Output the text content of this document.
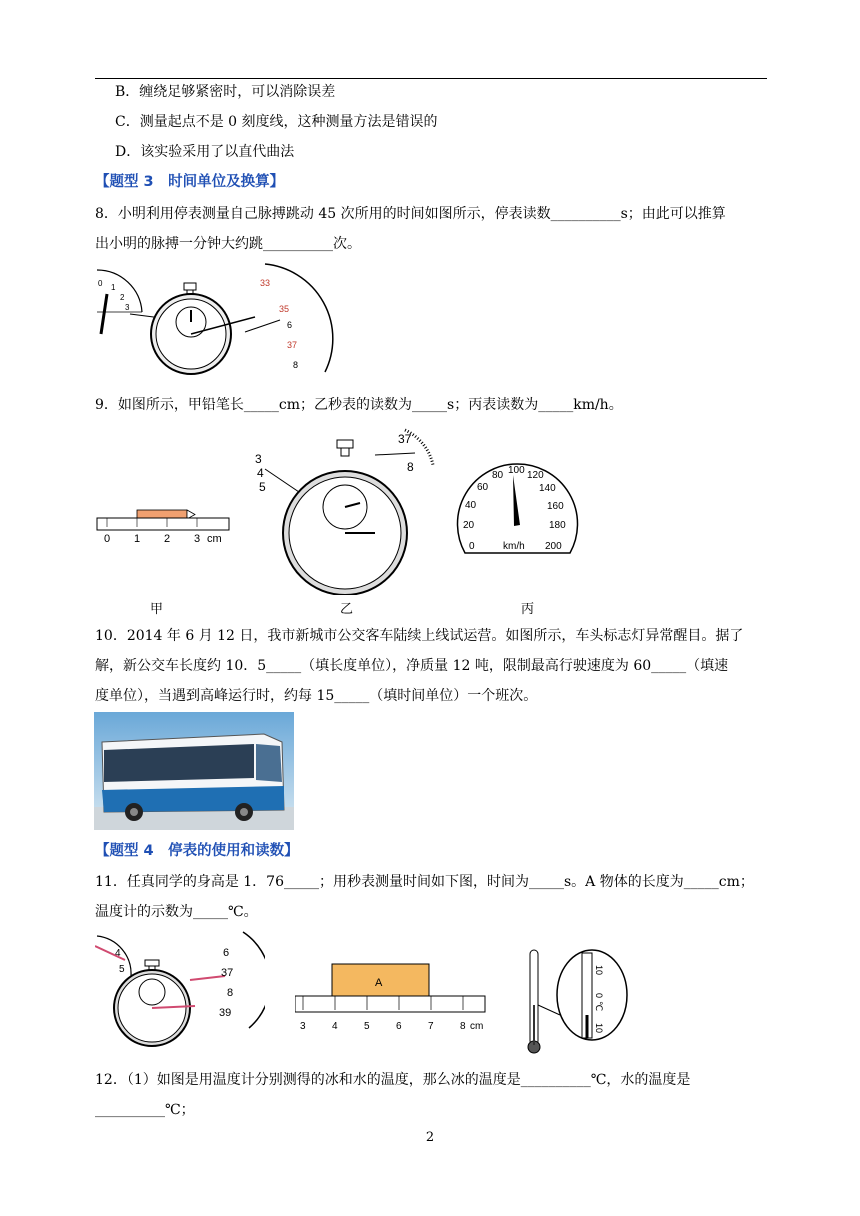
B．缠绕足够紧密时，可以消除误差
C．测量起点不是 0 刻度线，这种测量方法是错误的
D．该实验采用了以直代曲法
【题型 3　时间单位及换算】
8．小明利用停表测量自己脉搏跳动 45 次所用的时间如图所示，停表读数__________s；由此可以推算
出小明的脉搏一分钟大约跳__________次。
0 1
2
3
33
35
6
37
8
9．如图所示，甲铅笔长_____cm；乙秒表的读数为_____s；丙表读数为_____km/h。
0 1 2 3 cm
3
4
5
37
8
0
20
40
60
80 100 120
140
160
180
200
km/h
甲	乙	丙
10．2014 年 6 月 12 日，我市新城市公交客车陆续上线试运营。如图所示，车头标志灯异常醒目。据了
解，新公交车长度约 10．5_____（填长度单位），净质量 12 吨，限制最高行驶速度为 60_____（填速
度单位），当遇到高峰运行时，约每 15_____（填时间单位）一个班次。
【题型 4　停表的使用和读数】
11．任真同学的身高是 1．76_____；用秒表测量时间如下图，时间为_____s。A 物体的长度为_____cm；
温度计的示数为_____℃。
4
5
6
37
8
39
A
3	4	5	6	7	8 cm
10
0
℃
10
12．（1）如图是用温度计分别测得的冰和水的温度，那么冰的温度是__________℃，水的温度是
__________℃；
2
